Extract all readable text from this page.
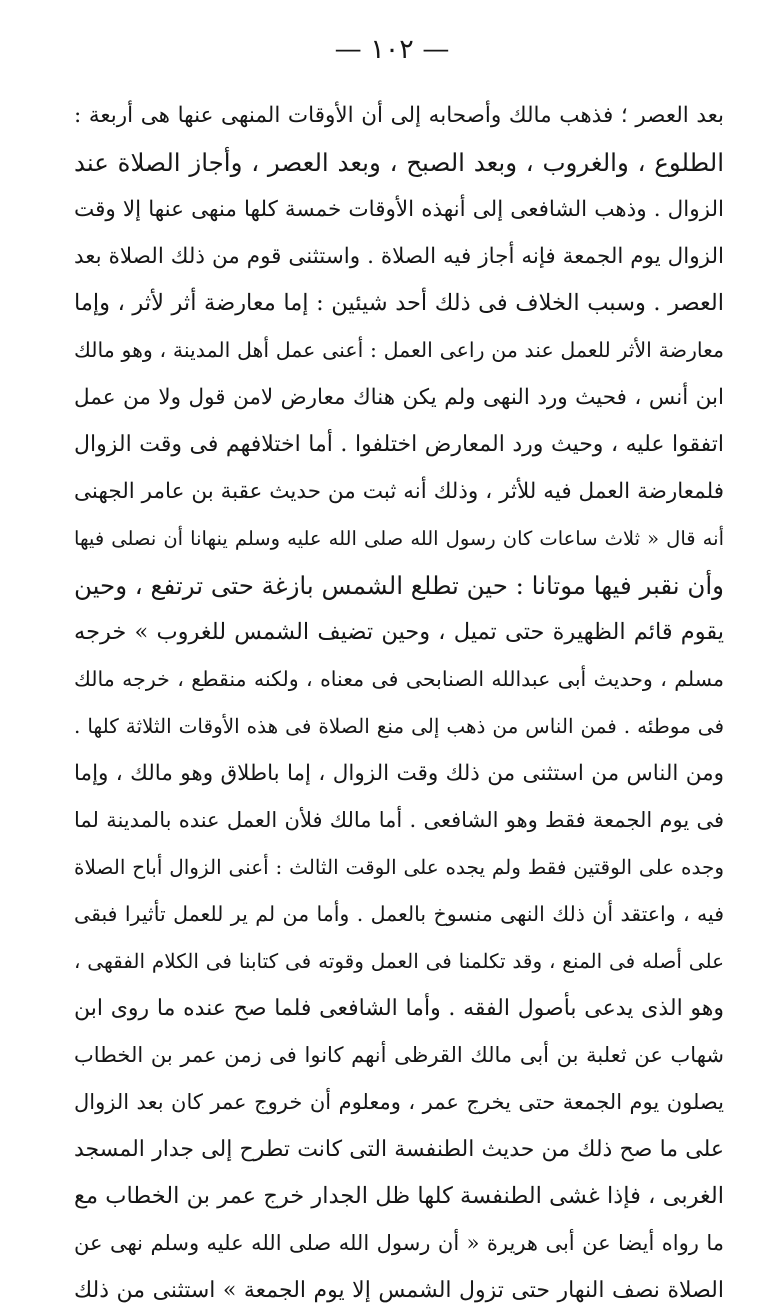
— ١٠٢ —
بعد العصر ؛ فذهب مالك وأصحابه إلى أن الأوقات المنهى عنها هى أربعة :
الطلوع ، والغروب ، وبعد الصبح ، وبعد العصر ، وأجاز الصلاة عند
الزوال . وذهب الشافعى إلى أنهذه الأوقات خمسة كلها منهى عنها إلا وقت
الزوال يوم الجمعة فإنه أجاز فيه الصلاة . واستثنى قوم من ذلك الصلاة بعد
العصر . وسبب الخلاف فى ذلك أحد شيئين : إما معارضة أثر لأثر ، وإما
معارضة الأثر للعمل عند من راعى العمل : أعنى عمل أهل المدينة ، وهو مالك
ابن أنس ، فحيث ورد النهى ولم يكن هناك معارض لامن قول ولا من عمل
اتفقوا عليه ، وحيث ورد المعارض اختلفوا . أما اختلافهم فى وقت الزوال
فلمعارضة العمل فيه للأثر ، وذلك أنه ثبت من حديث عقبة بن عامر الجهنى
أنه قال « ثلاث ساعات كان رسول الله صلى الله عليه وسلم ينهانا أن نصلى فيها
وأن نقبر فيها موتانا : حين تطلع الشمس بازغة حتى ترتفع ، وحين
يقوم قائم الظهيرة حتى تميل ، وحين تضيف الشمس للغروب » خرجه
مسلم ، وحديث أبى عبدالله الصنابحى فى معناه ، ولكنه منقطع ، خرجه مالك
فى موطئه . فمن الناس من ذهب إلى منع الصلاة فى هذه الأوقات الثلاثة كلها .
ومن الناس من استثنى من ذلك وقت الزوال ، إما باطلاق وهو مالك ، وإما
فى يوم الجمعة فقط وهو الشافعى . أما مالك فلأن العمل عنده بالمدينة لما
وجده على الوقتين فقط ولم يجده على الوقت الثالث : أعنى الزوال أباح الصلاة
فيه ، واعتقد أن ذلك النهى منسوخ بالعمل . وأما من لم ير للعمل تأثيرا فبقى
على أصله فى المنع ، وقد تكلمنا فى العمل وقوته فى كتابنا فى الكلام الفقهى ،
وهو الذى يدعى بأصول الفقه . وأما الشافعى فلما صح عنده ما روى ابن
شهاب عن ثعلبة بن أبى مالك القرظى أنهم كانوا فى زمن عمر بن الخطاب
يصلون يوم الجمعة حتى يخرج عمر ، ومعلوم أن خروج عمر كان بعد الزوال
على ما صح ذلك من حديث الطنفسة التى كانت تطرح إلى جدار المسجد
الغربى ، فإذا غشى الطنفسة كلها ظل الجدار خرج عمر بن الخطاب مع
ما رواه أيضا عن أبى هريرة « أن رسول الله صلى الله عليه وسلم نهى عن
الصلاة نصف النهار حتى تزول الشمس إلا يوم الجمعة » استثنى من ذلك
